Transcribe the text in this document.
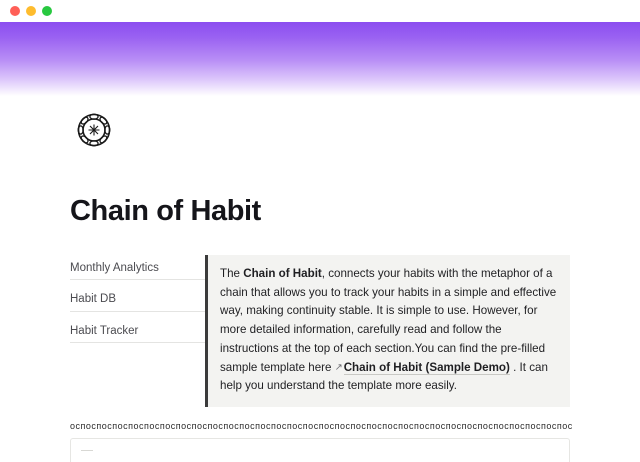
Chain of Habit
Monthly Analytics Habit DB Habit Tracker
The Chain of Habit, connects your habits with the metaphor of a chain that allows you to track your habits in a simple and effective way, making continuity stable. It is simple to use. However, for more detailed information, carefully read and follow the instructions at the top of each section.You can find the pre-filled sample template here ↗Chain of Habit (Sample Demo) . It can help you understand the template more easily.
оспоспоспоспоспоспоспоспоспоспоспоспоспоспоспоспоспоспоспоспоспоспоспоспоспоспоспоспоспоспоспос
